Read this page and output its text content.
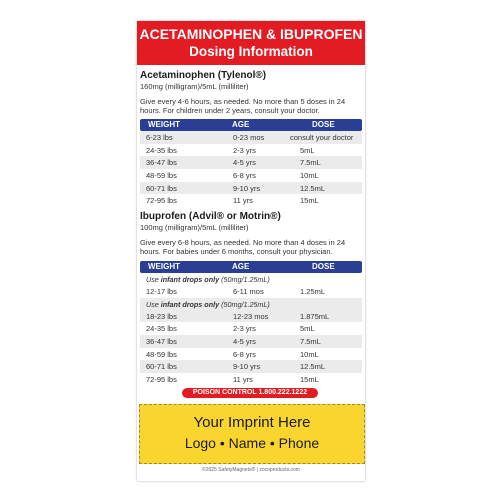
ACETAMINOPHEN & IBUPROFEN
Dosing Information
Acetaminophen (Tylenol®)
160mg (milligram)/5mL (milliliter)
Give every 4-6 hours, as needed. No more than 5 doses in 24 hours. For children under 2 years, consult your doctor.
WEIGHT	AGE	DOSE
6-23 lbs	0-23 mos	consult your doctor
24-35 lbs	2-3 yrs	5mL
36-47 lbs	4-5 yrs	7.5mL
48-59 lbs	6-8 yrs	10mL
60-71 lbs	9-10 yrs	12.5mL
72-95 lbs	11 yrs	15mL
Ibuprofen (Advil® or Motrin®)
100mg (milligram)/5mL (milliliter)
Give every 6-8 hours, as needed. No more than 4 doses in 24 hours. For babies under 6 months, consult your physician.
WEIGHT	AGE	DOSE
Use infant drops only (50mg/1.25mL)
12-17 lbs	6-11 mos	1.25mL
Use infant drops only (50mg/1.25mL)
18-23 lbs	12-23 mos	1.875mL
24-35 lbs	2-3 yrs	5mL
36-47 lbs	4-5 yrs	7.5mL
48-59 lbs	6-8 yrs	10mL
60-71 lbs	9-10 yrs	12.5mL
72-95 lbs	11 yrs	15mL
POISON CONTROL 1.800.222.1222
Your Imprint Here
Logo • Name • Phone
©2025 SafetyMagnets® | zocoproducts.com
